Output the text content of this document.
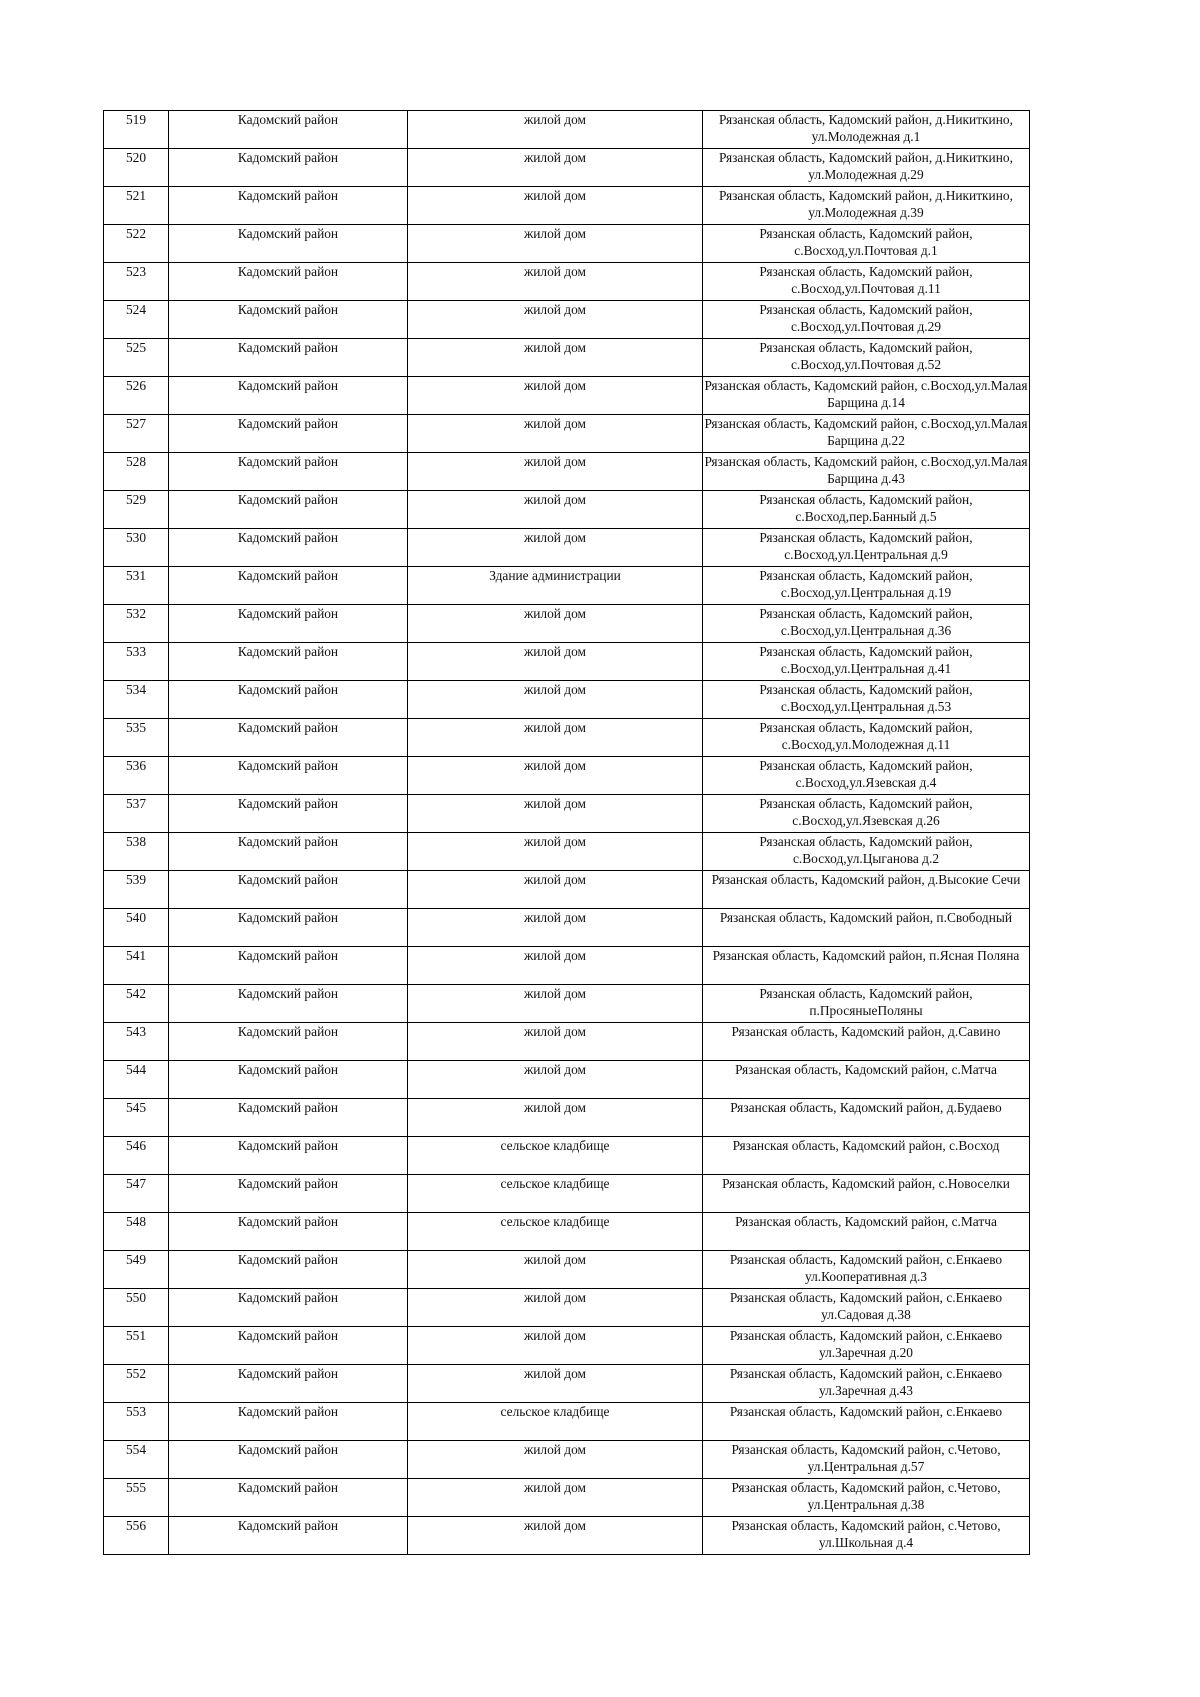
519	Кадомский район	жилой дом	Рязанская область, Кадомский район, д.Никиткино, ул.Молодежная д.1

520	Кадомский район	жилой дом	Рязанская область, Кадомский район, д.Никиткино, ул.Молодежная д.29

521	Кадомский район	жилой дом	Рязанская область, Кадомский район, д.Никиткино, ул.Молодежная д.39

522	Кадомский район	жилой дом	Рязанская область, Кадомский район, с.Восход,ул.Почтовая д.1

523	Кадомский район	жилой дом	Рязанская область, Кадомский район, с.Восход,ул.Почтовая д.11

524	Кадомский район	жилой дом	Рязанская область, Кадомский район, с.Восход,ул.Почтовая д.29

525	Кадомский район	жилой дом	Рязанская область, Кадомский район, с.Восход,ул.Почтовая д.52

526	Кадомский район	жилой дом	Рязанская область, Кадомский район, с.Восход,ул.Малая Барщина д.14

527	Кадомский район	жилой дом	Рязанская область, Кадомский район, с.Восход,ул.Малая Барщина д.22

528	Кадомский район	жилой дом	Рязанская область, Кадомский район, с.Восход,ул.Малая Барщина д.43

529	Кадомский район	жилой дом	Рязанская область, Кадомский район, с.Восход,пер.Банный д.5

530	Кадомский район	жилой дом	Рязанская область, Кадомский район, с.Восход,ул.Центральная д.9

531	Кадомский район	Здание администрации	Рязанская область, Кадомский район, с.Восход,ул.Центральная д.19

532	Кадомский район	жилой дом	Рязанская область, Кадомский район, с.Восход,ул.Центральная д.36

533	Кадомский район	жилой дом	Рязанская область, Кадомский район, с.Восход,ул.Центральная д.41

534	Кадомский район	жилой дом	Рязанская область, Кадомский район, с.Восход,ул.Центральная д.53

535	Кадомский район	жилой дом	Рязанская область, Кадомский район, с.Восход,ул.Молодежная д.11

536	Кадомский район	жилой дом	Рязанская область, Кадомский район, с.Восход,ул.Язевская д.4

537	Кадомский район	жилой дом	Рязанская область, Кадомский район, с.Восход,ул.Язевская д.26

538	Кадомский район	жилой дом	Рязанская область, Кадомский район, с.Восход,ул.Цыганова д.2

539	Кадомский район	жилой дом	Рязанская область, Кадомский район, д.Высокие Сечи

540	Кадомский район	жилой дом	Рязанская область, Кадомский район, п.Свободный

541	Кадомский район	жилой дом	Рязанская область, Кадомский район, п.Ясная Поляна

542	Кадомский район	жилой дом	Рязанская область, Кадомский район, п.ПросяныеПоляны

543	Кадомский район	жилой дом	Рязанская область, Кадомский район, д.Савино

544	Кадомский район	жилой дом	Рязанская область, Кадомский район, с.Матча

545	Кадомский район	жилой дом	Рязанская область, Кадомский район, д.Будаево

546	Кадомский район	сельское кладбище	Рязанская область, Кадомский район, с.Восход

547	Кадомский район	сельское кладбище	Рязанская область, Кадомский район, с.Новоселки

548	Кадомский район	сельское кладбище	Рязанская область, Кадомский район, с.Матча

549	Кадомский район	жилой дом	Рязанская область, Кадомский район, с.Енкаево ул.Кооперативная д.3

550	Кадомский район	жилой дом	Рязанская область, Кадомский район, с.Енкаево ул.Садовая д.38

551	Кадомский район	жилой дом	Рязанская область, Кадомский район, с.Енкаево ул.Заречная д.20

552	Кадомский район	жилой дом	Рязанская область, Кадомский район, с.Енкаево ул.Заречная д.43

553	Кадомский район	сельское кладбище	Рязанская область, Кадомский район, с.Енкаево

554	Кадомский район	жилой дом	Рязанская область, Кадомский район, с.Четово, ул.Центральная д.57

555	Кадомский район	жилой дом	Рязанская область, Кадомский район, с.Четово, ул.Центральная д.38

556	Кадомский район	жилой дом	Рязанская область, Кадомский район, с.Четово, ул.Школьная д.4
